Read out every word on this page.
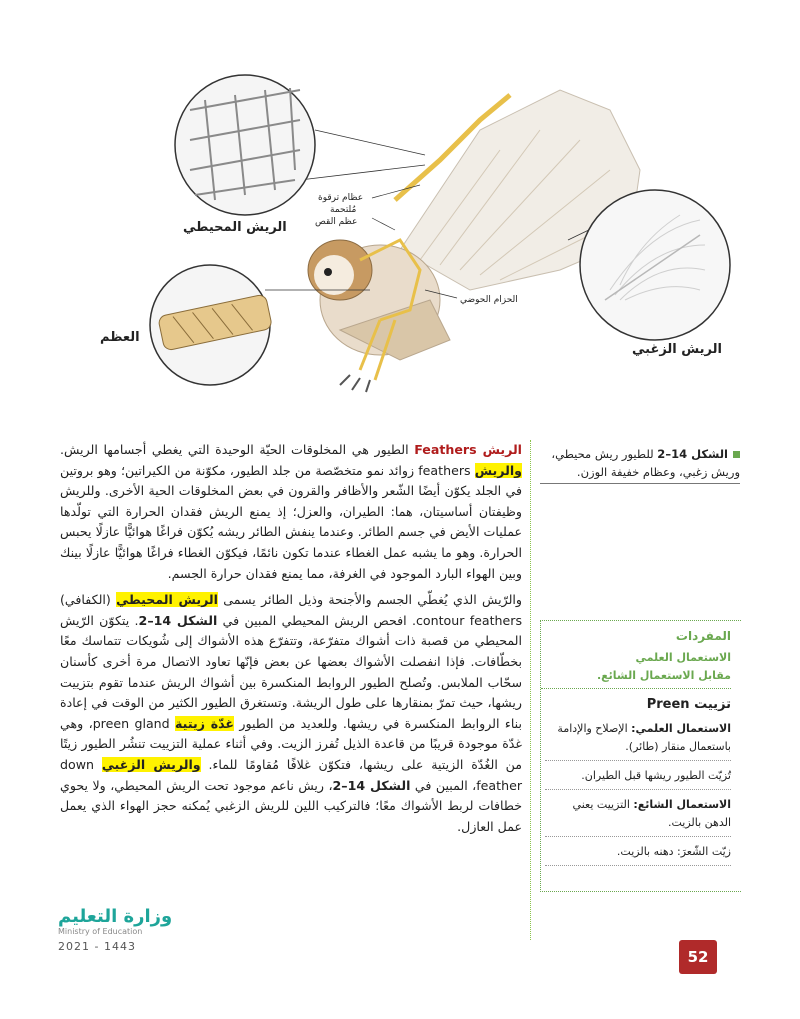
الريش المحيطي
العظم
الريش الزغبي
عظام ترقوة
مُلتحمة
عظم القص
الحزام الحوضي

الريش Feathers الطيور هي المخلوقات الحيّة الوحيدة التي يغطي أجسامها الريش. والريش feathers زوائد نمو متخصّصة من جلد الطيور، مكوّنة من الكيراتين؛ وهو بروتين في الجلد يكوّن أيضًا الشّعر والأظافر والقرون في بعض المخلوقات الحية الأخرى. وللريش وظيفتان أساسيتان، هما: الطيران، والعزل؛ إذ يمنع الريش فقدان الحرارة التي تولّدها عمليات الأيض في جسم الطائر. وعندما ينفش الطائر ريشه يُكوّن فراغًا هوائيًّا عازلًا يحبس الحرارة. وهو ما يشبه عمل الغطاء عندما تكون نائمًا، فيكوّن الغطاء فراغًا هوائيًّا عازلًا بينك وبين الهواء البارد الموجود في الغرفة، مما يمنع فقدان حرارة الجسم.

والرّيش الذي يُغطّي الجسم والأجنحة وذيل الطائر يسمى الريش المحيطي (الكفافي) contour feathers. افحص الريش المحيطي المبين في الشكل 14–2. يتكوّن الرّيش المحيطي من قصبة ذات أشواك متفرّعة، وتتفرّع هذه الأشواك إلى شُويكات تتماسك معًا بخطّافات. فإذا انفصلت الأشواك بعضها عن بعض فإنّها تعاود الاتصال مرة أخرى كأسنان سحّاب الملابس. وتُصلح الطيور الروابط المنكسرة بين أشواك الريش عندما تقوم بتزييت ريشها، حيث تمرّ بمنقارها على طول الريشة. وتستغرق الطيور الكثير من الوقت في إعادة بناء الروابط المنكسرة في ريشها. وللعديد من الطيور غدّة زيتية preen gland، وهي غدّة موجودة قريبًا من قاعدة الذيل تُفرز الزيت. وفي أثناء عملية التزييت تنشُر الطيور زيتًا من الغُدّة الزيتية على ريشها، فتكوّن غلافًا مُقاومًا للماء. والريش الزغبي down feather، المبين في الشكل 14–2، ريش ناعم موجود تحت الريش المحيطي، ولا يحوي خطافات لربط الأشواك معًا؛ فالتركيب اللين للريش الزغبي يُمكنه حجز الهواء الذي يعمل عمل العازل.

الشكل 14–2 للطيور ريش محيطي،
وريش زغبي، وعظام خفيفة الوزن.
المفردات
الاستعمال العلمي
مقابل الاستعمال الشائع.
تزييت Preen
الاستعمال العلمي: الإصلاح والإدامة باستعمال منقار (طائر).
تُزيّت الطيور ريشها قبل الطيران.
الاستعمال الشائع: التزييت يعني الدهن بالزيت.
زيّت الشّعرَ: دهنه بالزيت.
وزارة التعليم
Ministry of Education
2021 - 1443
52
